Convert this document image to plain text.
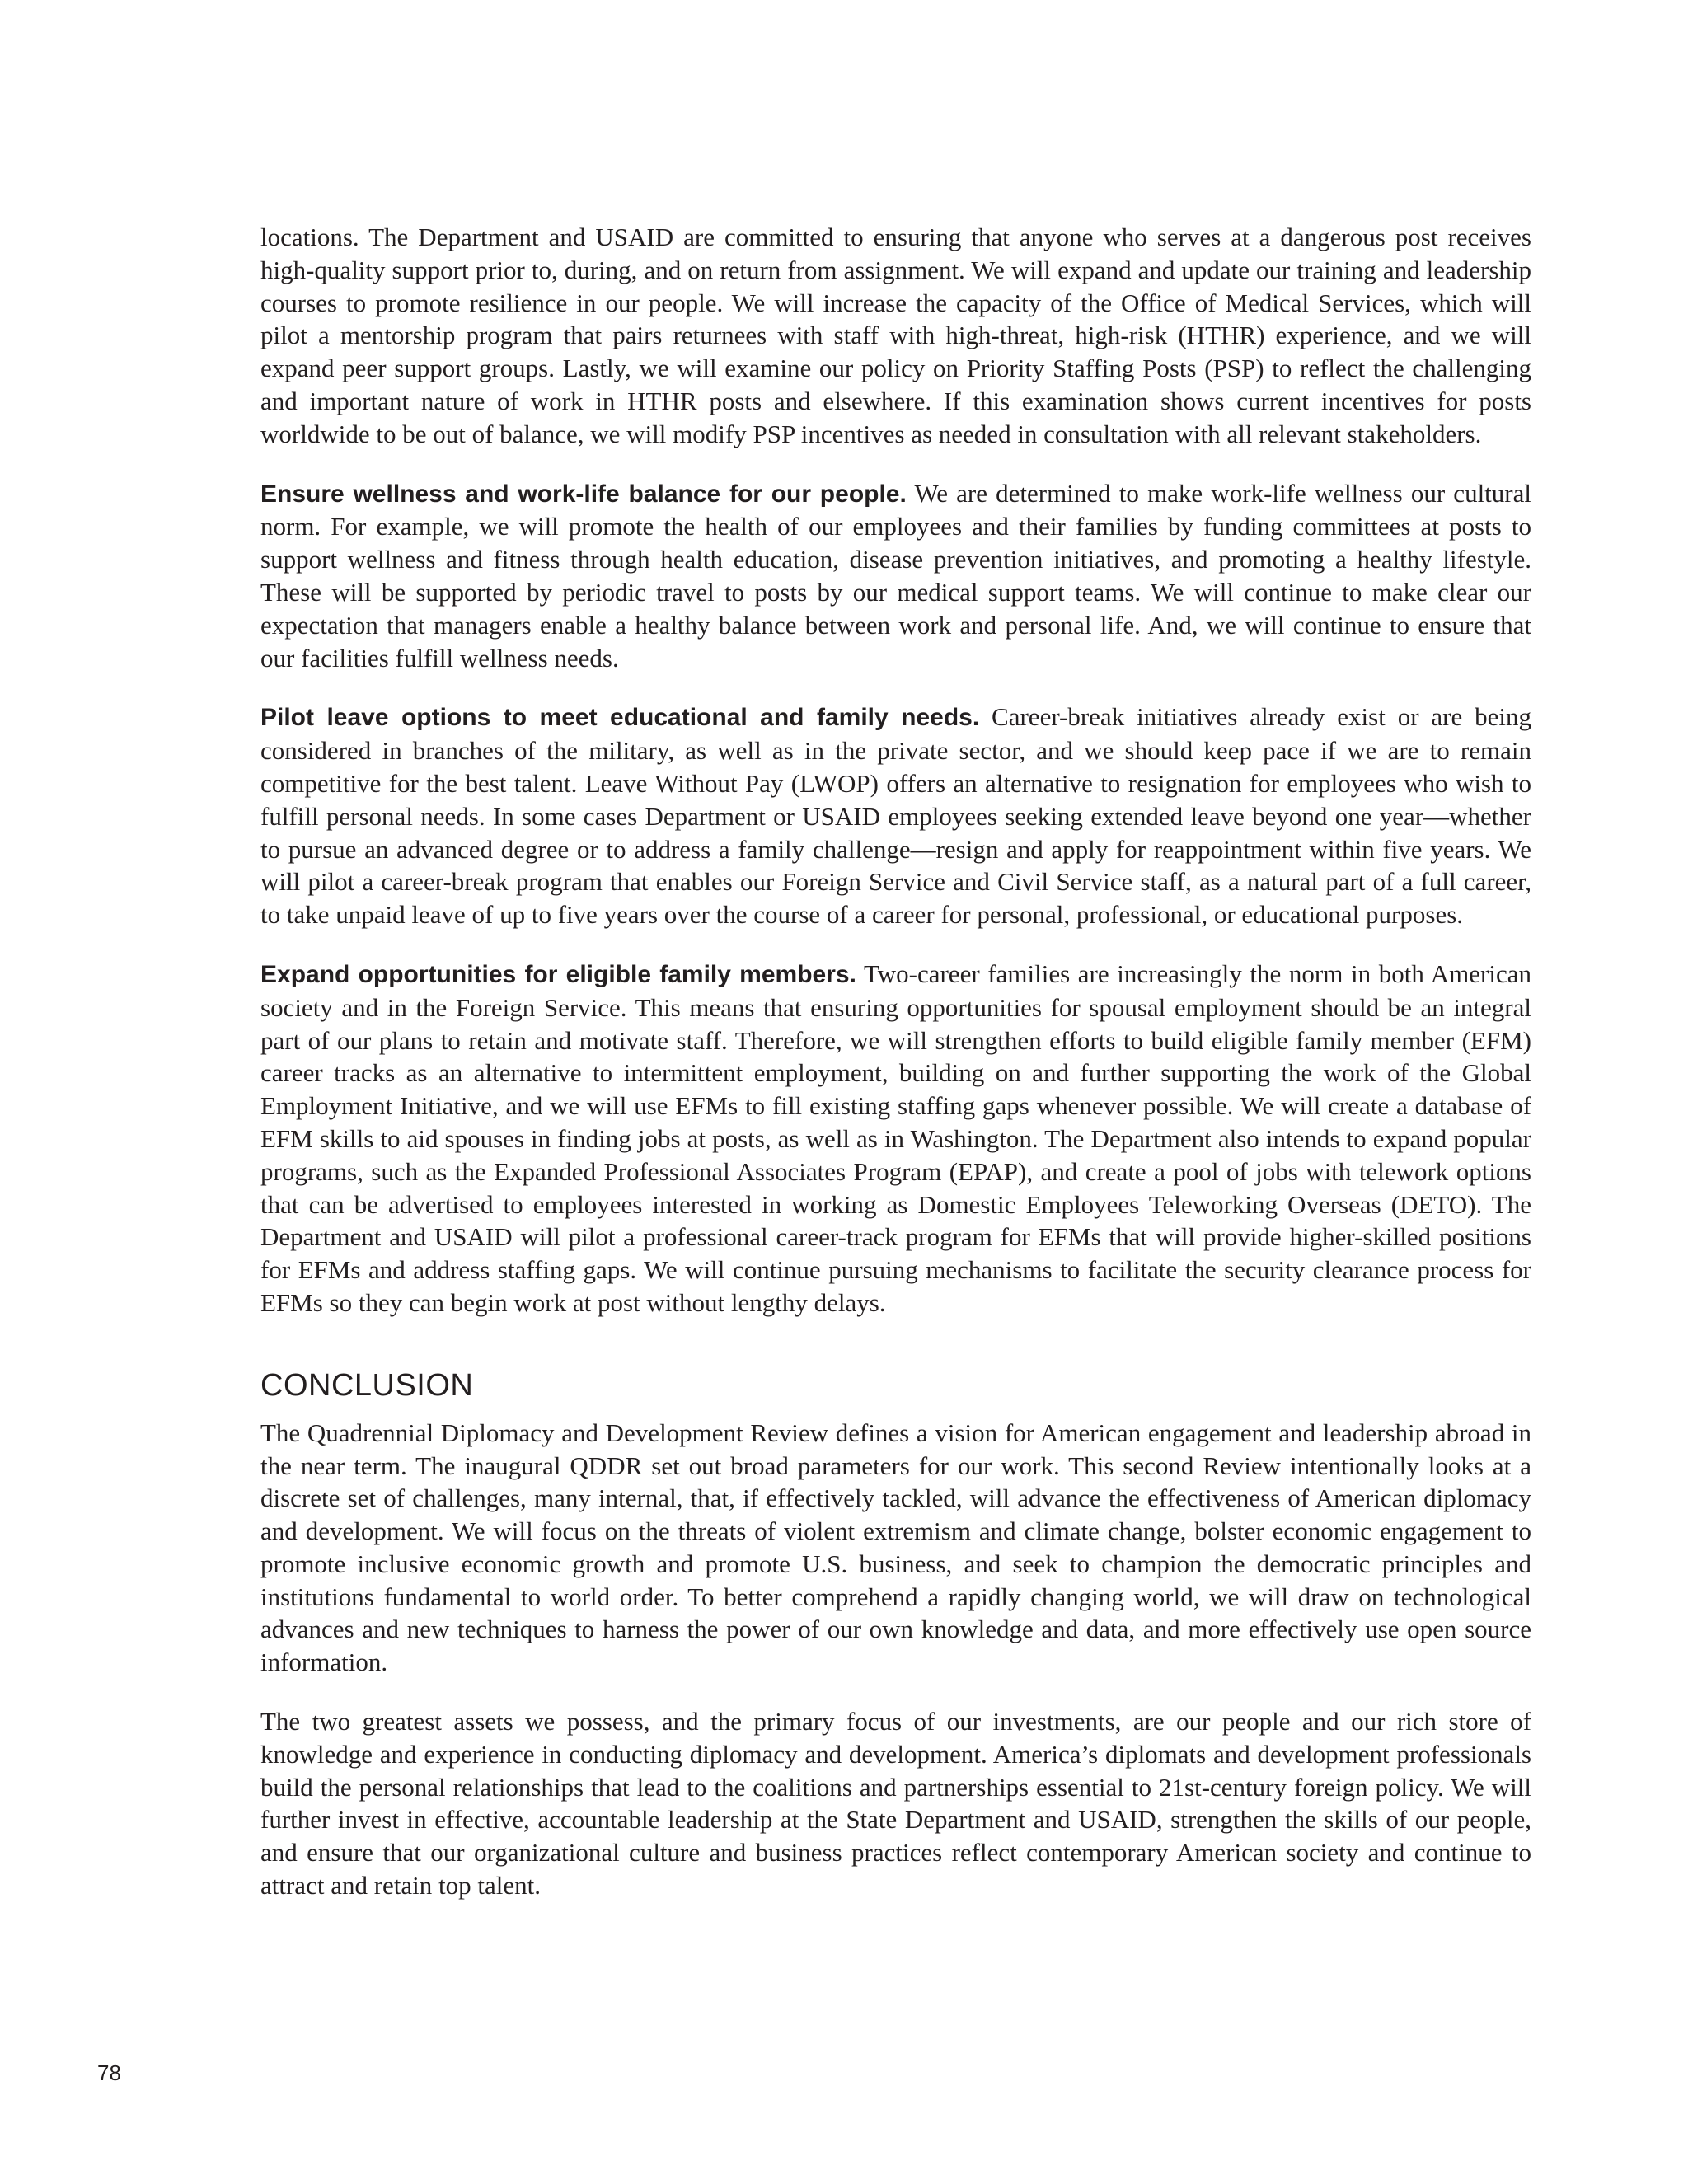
locations. The Department and USAID are committed to ensuring that anyone who serves at a dangerous post receives high-quality support prior to, during, and on return from assignment. We will expand and update our training and leadership courses to promote resilience in our people. We will increase the capacity of the Office of Medical Services, which will pilot a mentorship program that pairs returnees with staff with high-threat, high-risk (HTHR) experience, and we will expand peer support groups. Lastly, we will examine our policy on Priority Staffing Posts (PSP) to reflect the challenging and important nature of work in HTHR posts and elsewhere. If this examination shows current incentives for posts worldwide to be out of balance, we will modify PSP incentives as needed in consultation with all relevant stakeholders.

Ensure wellness and work-life balance for our people. We are determined to make work-life wellness our cultural norm. For example, we will promote the health of our employees and their families by funding committees at posts to support wellness and fitness through health education, disease prevention initiatives, and promoting a healthy lifestyle. These will be supported by periodic travel to posts by our medical support teams. We will continue to make clear our expectation that managers enable a healthy balance between work and personal life. And, we will continue to ensure that our facilities fulfill wellness needs.

Pilot leave options to meet educational and family needs. Career-break initiatives already exist or are being considered in branches of the military, as well as in the private sector, and we should keep pace if we are to remain competitive for the best talent. Leave Without Pay (LWOP) offers an alternative to resignation for employees who wish to fulfill personal needs. In some cases Department or USAID employees seeking extended leave beyond one year—whether to pursue an advanced degree or to address a family challenge—resign and apply for reappointment within five years. We will pilot a career-break program that enables our Foreign Service and Civil Service staff, as a natural part of a full career, to take unpaid leave of up to five years over the course of a career for personal, professional, or educational purposes.

Expand opportunities for eligible family members. Two-career families are increasingly the norm in both American society and in the Foreign Service. This means that ensuring opportunities for spousal employment should be an integral part of our plans to retain and motivate staff. Therefore, we will strengthen efforts to build eligible family member (EFM) career tracks as an alternative to intermittent employment, building on and further supporting the work of the Global Employment Initiative, and we will use EFMs to fill existing staffing gaps whenever possible. We will create a database of EFM skills to aid spouses in finding jobs at posts, as well as in Washington. The Department also intends to expand popular programs, such as the Expanded Professional Associates Program (EPAP), and create a pool of jobs with telework options that can be advertised to employees interested in working as Domestic Employees Teleworking Overseas (DETO). The Department and USAID will pilot a professional career-track program for EFMs that will provide higher-skilled positions for EFMs and address staffing gaps. We will continue pursuing mechanisms to facilitate the security clearance process for EFMs so they can begin work at post without lengthy delays.

CONCLUSION

The Quadrennial Diplomacy and Development Review defines a vision for American engagement and leadership abroad in the near term. The inaugural QDDR set out broad parameters for our work. This second Review intentionally looks at a discrete set of challenges, many internal, that, if effectively tackled, will advance the effectiveness of American diplomacy and development. We will focus on the threats of violent extremism and climate change, bolster economic engagement to promote inclusive economic growth and promote U.S. business, and seek to champion the democratic principles and institutions fundamental to world order. To better comprehend a rapidly changing world, we will draw on technological advances and new techniques to harness the power of our own knowledge and data, and more effectively use open source information.

The two greatest assets we possess, and the primary focus of our investments, are our people and our rich store of knowledge and experience in conducting diplomacy and development. America’s diplomats and development professionals build the personal relationships that lead to the coalitions and partnerships essential to 21st-century foreign policy. We will further invest in effective, accountable leadership at the State Department and USAID, strengthen the skills of our people, and ensure that our organizational culture and business practices reflect contemporary American society and continue to attract and retain top talent.

78
